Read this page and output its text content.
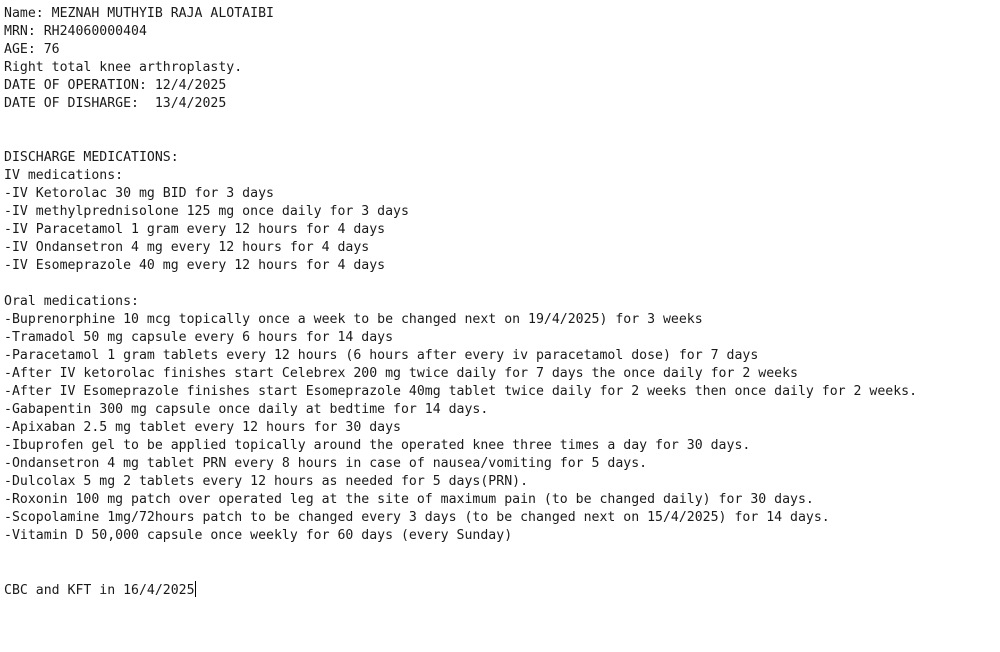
Name: MEZNAH MUTHYIB RAJA ALOTAIBI
MRN: RH24060000404
AGE: 76
Right total knee arthroplasty.
DATE OF OPERATION: 12/4/2025
DATE OF DISHARGE:  13/4/2025
DISCHARGE MEDICATIONS:
IV medications:
-IV Ketorolac 30 mg BID for 3 days
-IV methylprednisolone 125 mg once daily for 3 days
-IV Paracetamol 1 gram every 12 hours for 4 days
-IV Ondansetron 4 mg every 12 hours for 4 days
-IV Esomeprazole 40 mg every 12 hours for 4 days
Oral medications:
-Buprenorphine 10 mcg topically once a week to be changed next on 19/4/2025) for 3 weeks
-Tramadol 50 mg capsule every 6 hours for 14 days
-Paracetamol 1 gram tablets every 12 hours (6 hours after every iv paracetamol dose) for 7 days
-After IV ketorolac finishes start Celebrex 200 mg twice daily for 7 days the once daily for 2 weeks
-After IV Esomeprazole finishes start Esomeprazole 40mg tablet twice daily for 2 weeks then once daily for 2 weeks.
-Gabapentin 300 mg capsule once daily at bedtime for 14 days.
-Apixaban 2.5 mg tablet every 12 hours for 30 days
-Ibuprofen gel to be applied topically around the operated knee three times a day for 30 days.
-Ondansetron 4 mg tablet PRN every 8 hours in case of nausea/vomiting for 5 days.
-Dulcolax 5 mg 2 tablets every 12 hours as needed for 5 days(PRN).
-Roxonin 100 mg patch over operated leg at the site of maximum pain (to be changed daily) for 30 days.
-Scopolamine 1mg/72hours patch to be changed every 3 days (to be changed next on 15/4/2025) for 14 days.
-Vitamin D 50,000 capsule once weekly for 60 days (every Sunday)
CBC and KFT in 16/4/2025
